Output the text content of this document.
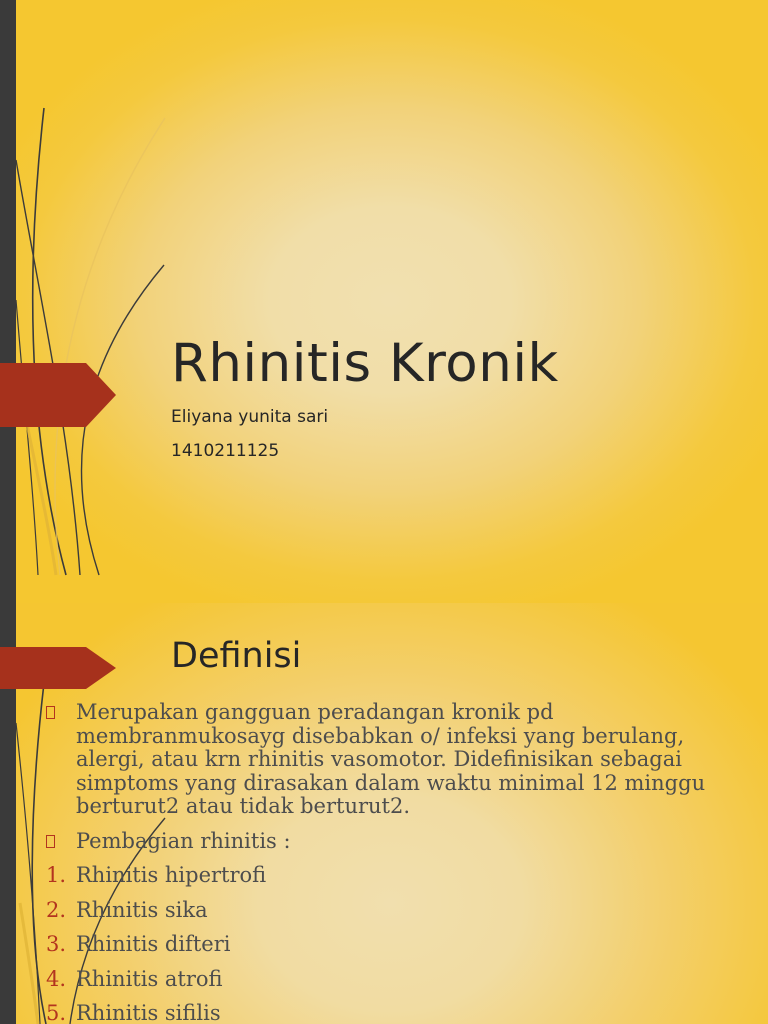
Rhinitis Kronik
Eliyana yunita sari
1410211125
Definisi
Merupakan gangguan peradangan kronik pd membranmukosayg disebabkan o/ infeksi yang berulang, alergi, atau krn rhinitis vasomotor. Didefinisikan sebagai simptoms yang dirasakan dalam waktu minimal 12 minggu berturut2 atau tidak berturut2.
Pembagian rhinitis :
1. Rhinitis hipertrofi
2. Rhinitis sika
3. Rhinitis difteri
4. Rhinitis atrofi
5. Rhinitis sifilis
